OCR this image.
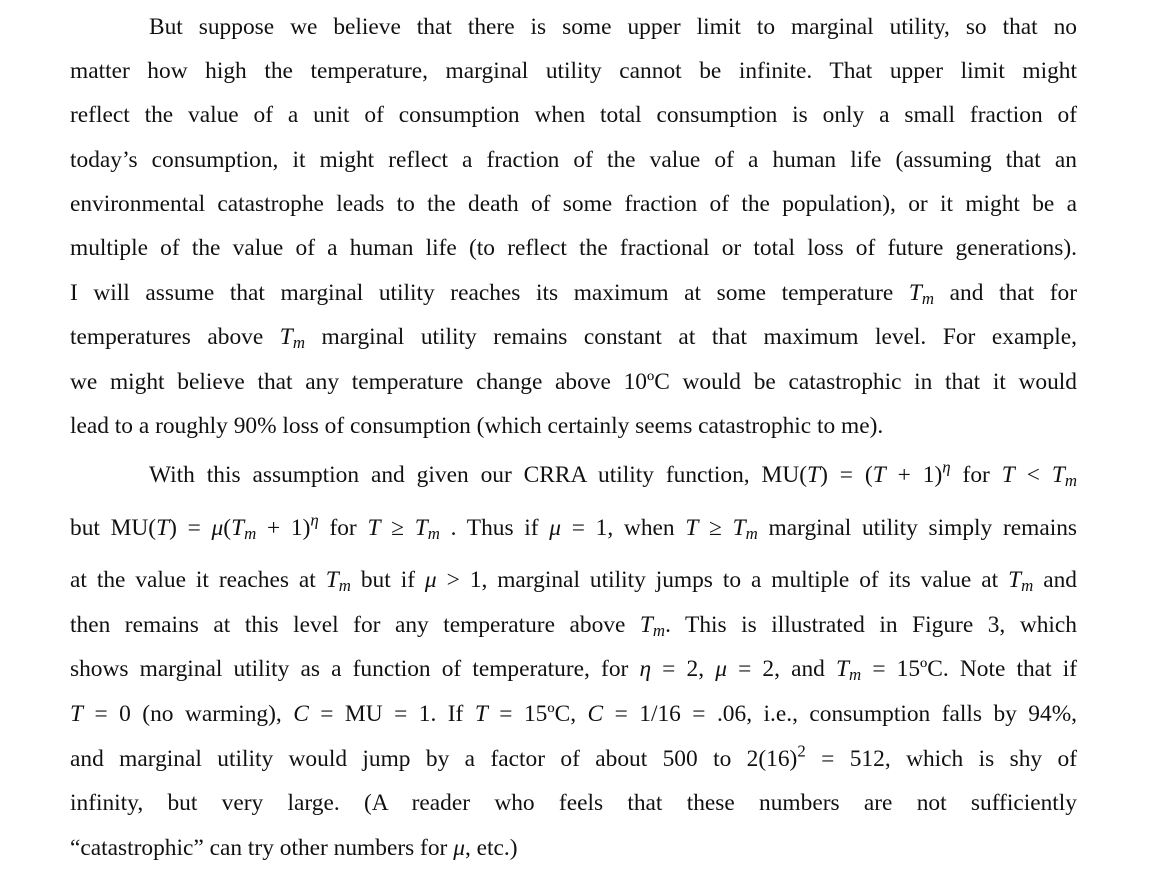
But suppose we believe that there is some upper limit to marginal utility, so that no
matter how high the temperature, marginal utility cannot be infinite. That upper limit might
reflect the value of a unit of consumption when total consumption is only a small fraction of
today’s consumption, it might reflect a fraction of the value of a human life (assuming that an
environmental catastrophe leads to the death of some fraction of the population), or it might be a
multiple of the value of a human life (to reflect the fractional or total loss of future generations).
I will assume that marginal utility reaches its maximum at some temperature $T_m$ and that for
temperatures above $T_m$ marginal utility remains constant at that maximum level. For example,
we might believe that any temperature change above 10ºC would be catastrophic in that it would
lead to a roughly 90% loss of consumption (which certainly seems catastrophic to me).
With this assumption and given our CRRA utility function, $MU(T) = (T + 1)^\eta$ for $T < T_m$
but $MU(T) = \mu(T_m + 1)^\eta$ for $T \ge T_m$ . Thus if μ = 1, when $T \ge T_m$ marginal utility simply remains
at the value it reaches at $T_m$ but if μ > 1, marginal utility jumps to a multiple of its value at $T_m$ and
then remains at this level for any temperature above $T_m$. This is illustrated in Figure 3, which
shows marginal utility as a function of temperature, for η = 2, μ = 2, and $T_m$ = 15ºC. Note that if
T = 0 (no warming), C = MU = 1. If T = 15ºC, C = 1/16 = .06, i.e., consumption falls by 94%,
and marginal utility would jump by a factor of about 500 to $2(16)^2 = 512$, which is shy of
infinity, but very large. (A reader who feels that these numbers are not sufficiently
“catastrophic” can try other numbers for μ, etc.)
